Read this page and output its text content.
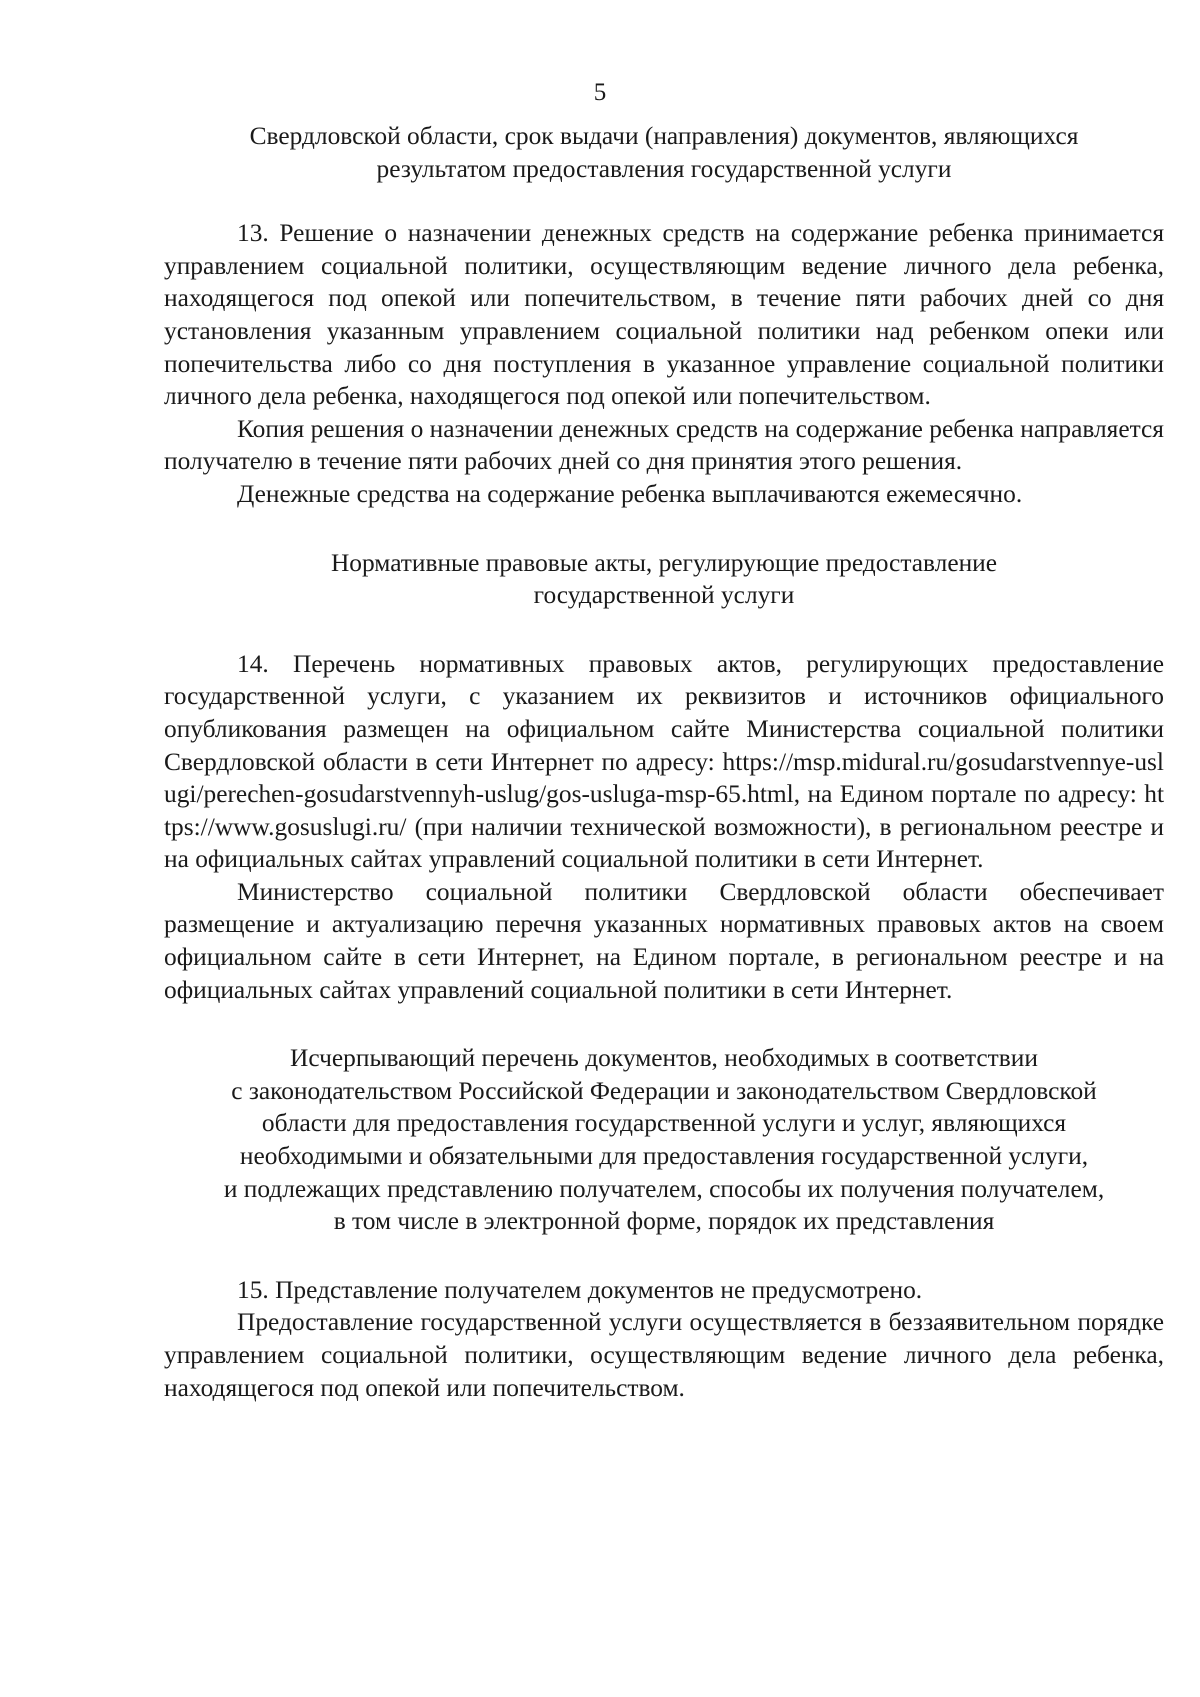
5
Свердловской области, срок выдачи (направления) документов, являющихся
результатом предоставления государственной услуги

13. Решение о назначении денежных средств на содержание ребенка принимается управлением социальной политики, осуществляющим ведение личного дела ребенка, находящегося под опекой или попечительством, в течение пяти рабочих дней со дня установления указанным управлением социальной политики над ребенком опеки или попечительства либо со дня поступления в указанное управление социальной политики личного дела ребенка, находящегося под опекой или попечительством.

Копия решения о назначении денежных средств на содержание ребенка направляется получателю в течение пяти рабочих дней со дня принятия этого решения.

Денежные средства на содержание ребенка выплачиваются ежемесячно.

Нормативные правовые акты, регулирующие предоставление
государственной услуги

14. Перечень нормативных правовых актов, регулирующих предоставление государственной услуги, с указанием их реквизитов и источников официального опубликования размещен на официальном сайте Министерства социальной политики Свердловской области в сети Интернет по адресу: https://msp.midural.ru/gosudarstvennye-uslugi/perechen-gosudarstvennyh-uslug/gos-usluga-msp-65.html, на Едином портале по адресу: https://www.gosuslugi.ru/ (при наличии технической возможности), в региональном реестре и на официальных сайтах управлений социальной политики в сети Интернет.

Министерство социальной политики Свердловской области обеспечивает размещение и актуализацию перечня указанных нормативных правовых актов на своем официальном сайте в сети Интернет, на Едином портале, в региональном реестре и на официальных сайтах управлений социальной политики в сети Интернет.

Исчерпывающий перечень документов, необходимых в соответствии
с законодательством Российской Федерации и законодательством Свердловской
области для предоставления государственной услуги и услуг, являющихся
необходимыми и обязательными для предоставления государственной услуги,
и подлежащих представлению получателем, способы их получения получателем,
в том числе в электронной форме, порядок их представления

15. Представление получателем документов не предусмотрено.

Предоставление государственной услуги осуществляется в беззаявительном порядке управлением социальной политики, осуществляющим ведение личного дела ребенка, находящегося под опекой или попечительством.
